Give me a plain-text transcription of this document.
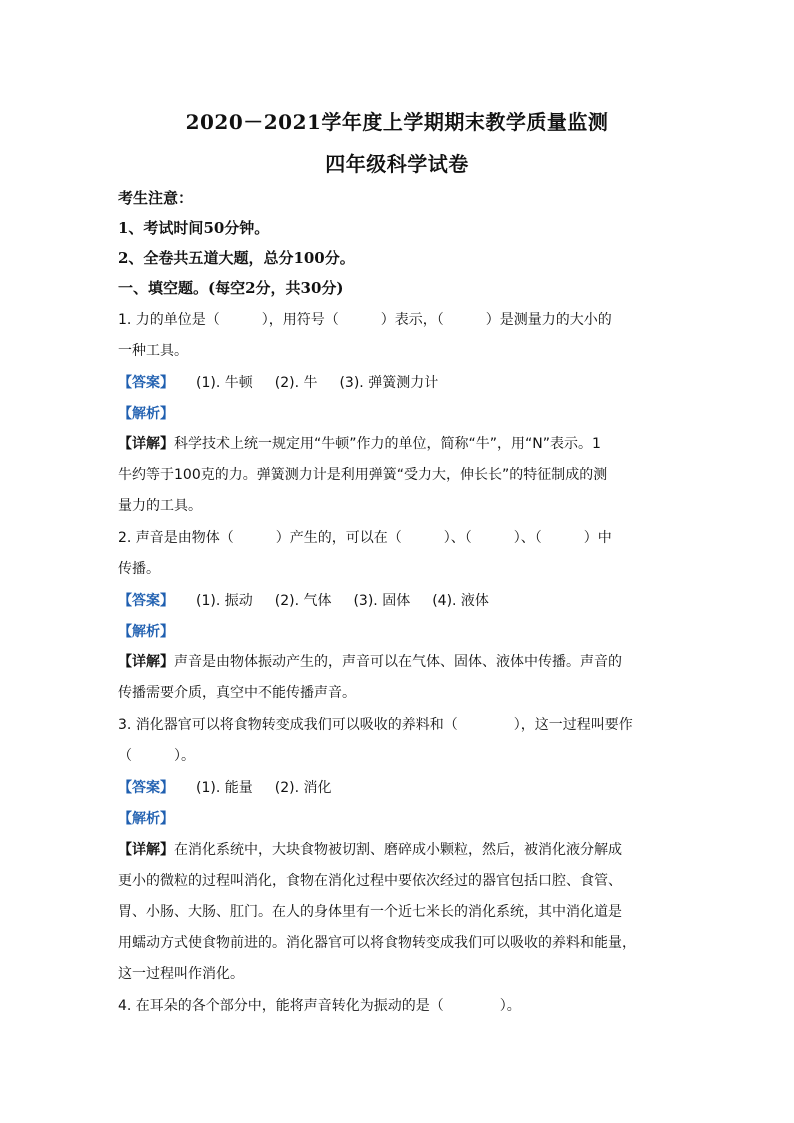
2020－2021学年度上学期期末教学质量监测
四年级科学试卷
考生注意：
1、考试时间50分钟。
2、全卷共五道大题，总分100分。
一、填空题。(每空2分，共30分)
1. 力的单位是（　　　），用符号（　　　）表示，（　　　）是测量力的大小的
一种工具。
【答案】 (1). 牛顿 (2). 牛 (3). 弹簧测力计
【解析】
【详解】科学技术上统一规定用“牛顿”作力的单位，简称“牛”，用“N”表示。1
牛约等于100克的力。弹簧测力计是利用弹簧“受力大，伸长长”的特征制成的测
量力的工具。
2. 声音是由物体（　　　）产生的，可以在（　　　）、（　　　）、（　　　）中
传播。
【答案】 (1). 振动 (2). 气体 (3). 固体 (4). 液体
【解析】
【详解】声音是由物体振动产生的，声音可以在气体、固体、液体中传播。声音的
传播需要介质，真空中不能传播声音。
3. 消化器官可以将食物转变成我们可以吸收的养料和（　　　　），这一过程叫要作
（　　　）。
【答案】 (1). 能量 (2). 消化
【解析】
【详解】在消化系统中，大块食物被切割、磨碎成小颗粒，然后，被消化液分解成
更小的微粒的过程叫消化，食物在消化过程中要依次经过的器官包括口腔、食管、
胃、小肠、大肠、肛门。在人的身体里有一个近七米长的消化系统，其中消化道是
用蠕动方式使食物前进的。消化器官可以将食物转变成我们可以吸收的养料和能量，
这一过程叫作消化。
4. 在耳朵的各个部分中，能将声音转化为振动的是（　　　　）。
